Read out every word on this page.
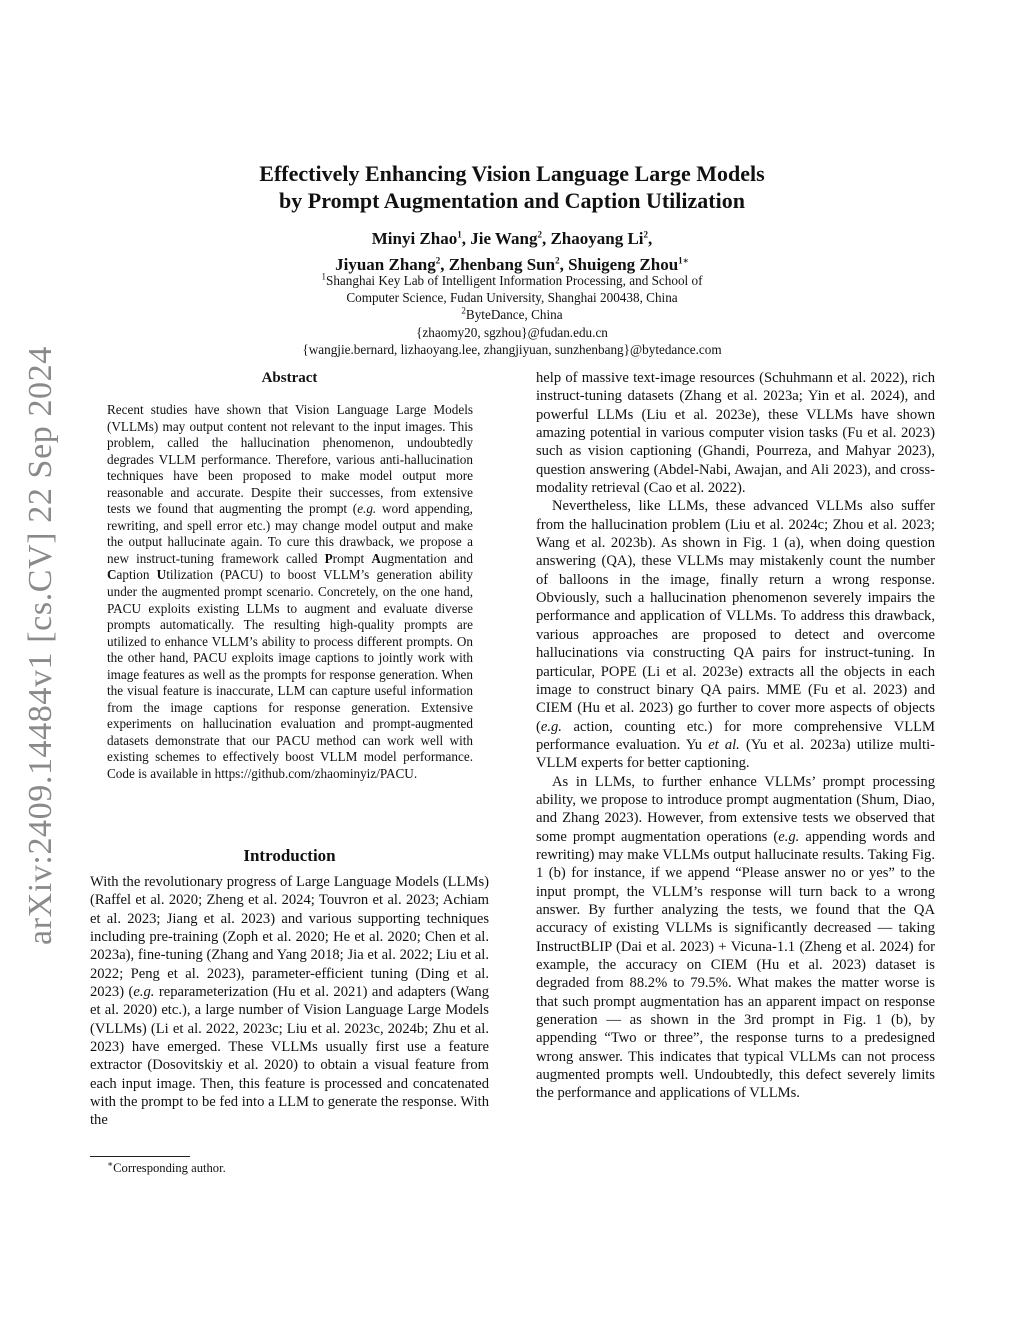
arXiv:2409.14484v1 [cs.CV] 22 Sep 2024
Effectively Enhancing Vision Language Large Models
by Prompt Augmentation and Caption Utilization
Minyi Zhao$^1$, Jie Wang$^2$, Zhaoyang Li$^2$,
Jiyuan Zhang$^2$, Zhenbang Sun$^2$, Shuigeng Zhou$^{1∗}$
$^1$Shanghai Key Lab of Intelligent Information Processing, and School of
Computer Science, Fudan University, Shanghai 200438, China
$^2$ByteDance, China
{zhaomy20, sgzhou}@fudan.edu.cn
{wangjie.bernard, lizhaoyang.lee, zhangjiyuan, sunzhenbang}@bytedance.com
Abstract

Recent studies have shown that Vision Language Large Models (VLLMs) may output content not relevant to the input images. This problem, called the hallucination phenomenon, undoubtedly degrades VLLM performance. Therefore, various anti-hallucination techniques have been proposed to make model output more reasonable and accurate. Despite their successes, from extensive tests we found that augmenting the prompt (e.g. word appending, rewriting, and spell error etc.) may change model output and make the output hallucinate again. To cure this drawback, we propose a new instruct-tuning framework called Prompt Augmentation and Caption Utilization (PACU) to boost VLLM’s generation ability under the augmented prompt scenario. Concretely, on the one hand, PACU exploits existing LLMs to augment and evaluate diverse prompts automatically. The resulting high-quality prompts are utilized to enhance VLLM’s ability to process different prompts. On the other hand, PACU exploits image captions to jointly work with image features as well as the prompts for response generation. When the visual feature is inaccurate, LLM can capture useful information from the image captions for response generation. Extensive experiments on hallucination evaluation and prompt-augmented datasets demonstrate that our PACU method can work well with existing schemes to effectively boost VLLM model performance. Code is available in https://github.com/zhaominyiz/PACU.

Introduction

With the revolutionary progress of Large Language Models (LLMs) (Raffel et al. 2020; Zheng et al. 2024; Touvron et al. 2023; Achiam et al. 2023; Jiang et al. 2023) and various supporting techniques including pre-training (Zoph et al. 2020; He et al. 2020; Chen et al. 2023a), fine-tuning (Zhang and Yang 2018; Jia et al. 2022; Liu et al. 2022; Peng et al. 2023), parameter-efficient tuning (Ding et al. 2023) (e.g. reparameterization (Hu et al. 2021) and adapters (Wang et al. 2020) etc.), a large number of Vision Language Large Models (VLLMs) (Li et al. 2022, 2023c; Liu et al. 2023c, 2024b; Zhu et al. 2023) have emerged. These VLLMs usually first use a feature extractor (Dosovitskiy et al. 2020) to obtain a visual feature from each input image. Then, this feature is processed and concatenated with the prompt to be fed into a LLM to generate the response. With the

∗Corresponding author.

help of massive text-image resources (Schuhmann et al. 2022), rich instruct-tuning datasets (Zhang et al. 2023a; Yin et al. 2024), and powerful LLMs (Liu et al. 2023e), these VLLMs have shown amazing potential in various computer vision tasks (Fu et al. 2023) such as vision captioning (Ghandi, Pourreza, and Mahyar 2023), question answering (Abdel-Nabi, Awajan, and Ali 2023), and cross-modality retrieval (Cao et al. 2022).

Nevertheless, like LLMs, these advanced VLLMs also suffer from the hallucination problem (Liu et al. 2024c; Zhou et al. 2023; Wang et al. 2023b). As shown in Fig. 1 (a), when doing question answering (QA), these VLLMs may mistakenly count the number of balloons in the image, finally return a wrong response. Obviously, such a hallucination phenomenon severely impairs the performance and application of VLLMs. To address this drawback, various approaches are proposed to detect and overcome hallucinations via constructing QA pairs for instruct-tuning. In particular, POPE (Li et al. 2023e) extracts all the objects in each image to construct binary QA pairs. MME (Fu et al. 2023) and CIEM (Hu et al. 2023) go further to cover more aspects of objects (e.g. action, counting etc.) for more comprehensive VLLM performance evaluation. Yu et al. (Yu et al. 2023a) utilize multi-VLLM experts for better captioning.

As in LLMs, to further enhance VLLMs’ prompt processing ability, we propose to introduce prompt augmentation (Shum, Diao, and Zhang 2023). However, from extensive tests we observed that some prompt augmentation operations (e.g. appending words and rewriting) may make VLLMs output hallucinate results. Taking Fig. 1 (b) for instance, if we append “Please answer no or yes” to the input prompt, the VLLM’s response will turn back to a wrong answer. By further analyzing the tests, we found that the QA accuracy of existing VLLMs is significantly decreased — taking InstructBLIP (Dai et al. 2023) + Vicuna-1.1 (Zheng et al. 2024) for example, the accuracy on CIEM (Hu et al. 2023) dataset is degraded from 88.2% to 79.5%. What makes the matter worse is that such prompt augmentation has an apparent impact on response generation — as shown in the 3rd prompt in Fig. 1 (b), by appending “Two or three”, the response turns to a predesigned wrong answer. This indicates that typical VLLMs can not process augmented prompts well. Undoubtedly, this defect severely limits the performance and applications of VLLMs.
